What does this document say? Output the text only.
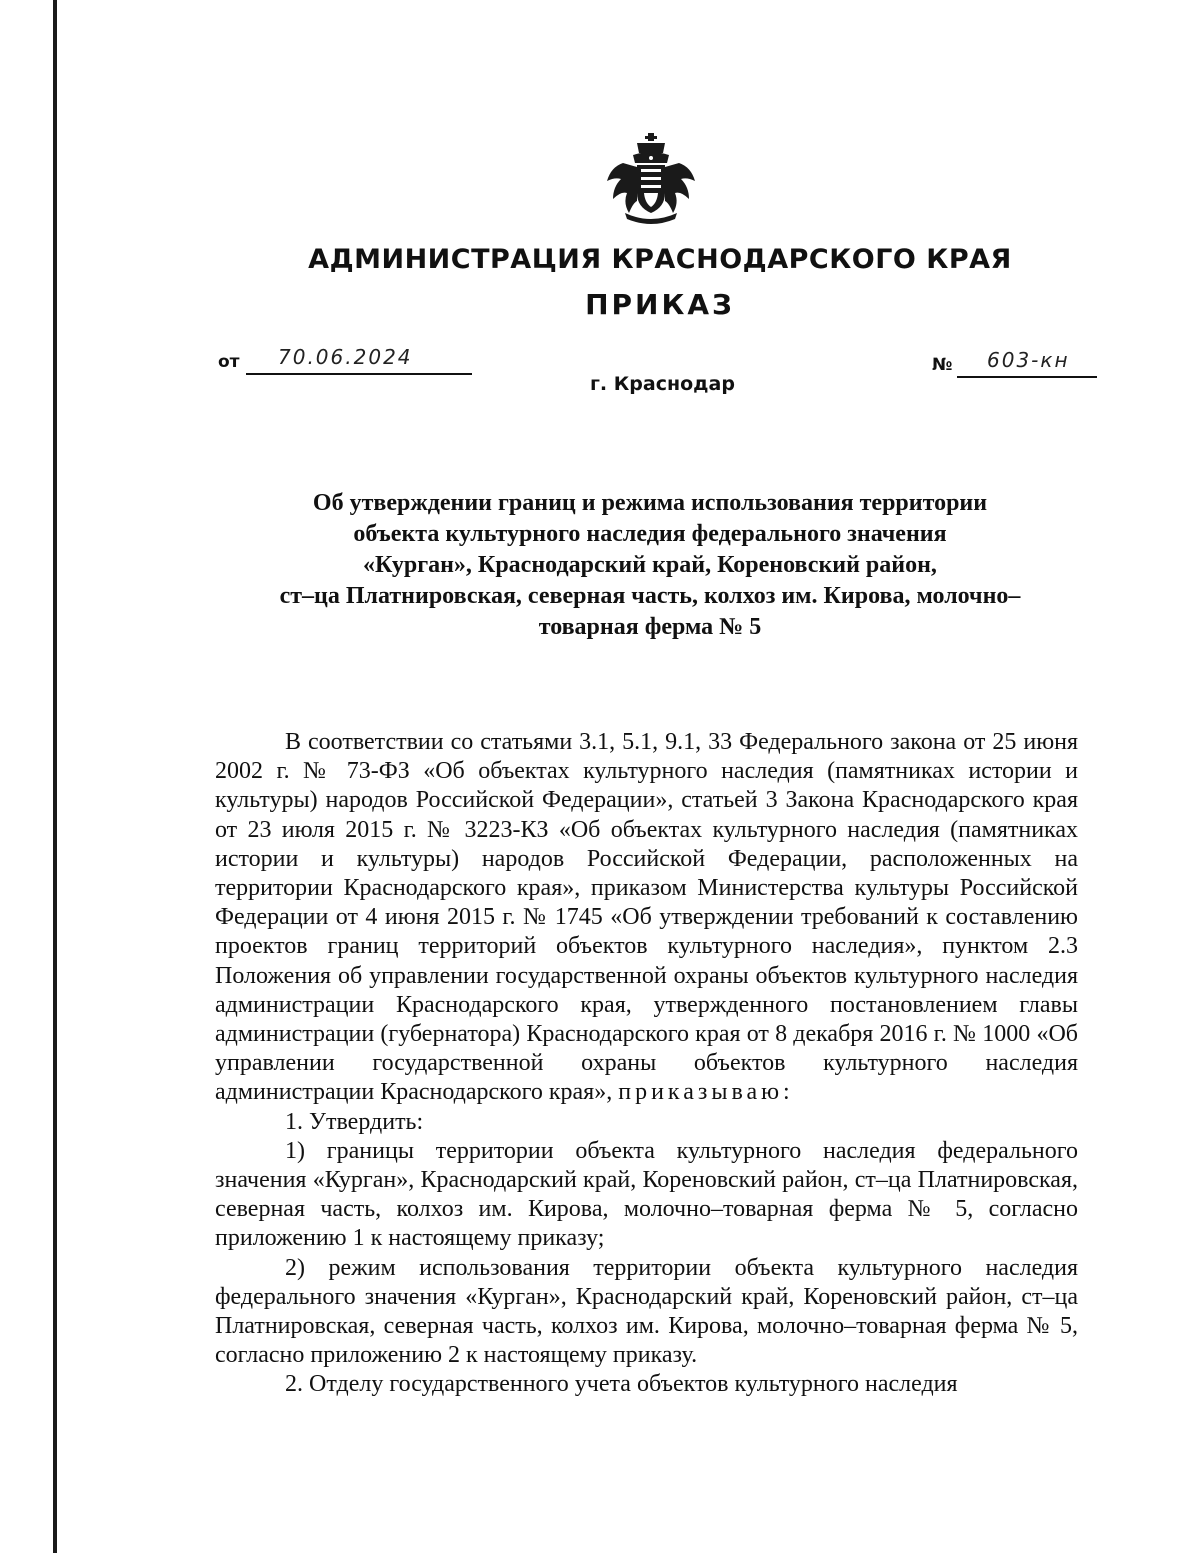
АДМИНИСТРАЦИЯ КРАСНОДАРСКОГО КРАЯ
ПРИКАЗ
от 70.06.2024	№ 603-кн
г. Краснодар
Об утверждении границ и режима использования территории
объекта культурного наследия федерального значения
«Курган», Краснодарский край, Кореновский район,
ст–ца Платнировская, северная часть, колхоз им. Кирова, молочно–
товарная ферма № 5

В соответствии со статьями 3.1, 5.1, 9.1, 33 Федерального закона от 25 июня 2002 г. № 73-ФЗ «Об объектах культурного наследия (памятниках истории и культуры) народов Российской Федерации», статьей 3 Закона Краснодарского края от 23 июля 2015 г. № 3223-КЗ «Об объектах культурного наследия (памятниках истории и культуры) народов Российской Федерации, расположенных на территории Краснодарского края», приказом Министерства культуры Российской Федерации от 4 июня 2015 г. № 1745 «Об утверждении требований к составлению проектов границ территорий объектов культурного наследия», пунктом 2.3 Положения об управлении государственной охраны объектов культурного наследия администрации Краснодарского края, утвержденного постановлением главы администрации (губернатора) Краснодарского края от 8 декабря 2016 г. № 1000 «Об управлении государственной охраны объектов культурного наследия администрации Краснодарского края», приказываю:

1. Утвердить:

1) границы территории объекта культурного наследия федерального значения «Курган», Краснодарский край, Кореновский район, ст–ца Платнировская, северная часть, колхоз им. Кирова, молочно–товарная ферма № 5, согласно приложению 1 к настоящему приказу;

2) режим использования территории объекта культурного наследия федерального значения «Курган», Краснодарский край, Кореновский район, ст–ца Платнировская, северная часть, колхоз им. Кирова, молочно–товарная ферма № 5, согласно приложению 2 к настоящему приказу.

2. Отделу государственного учета объектов культурного наследия
